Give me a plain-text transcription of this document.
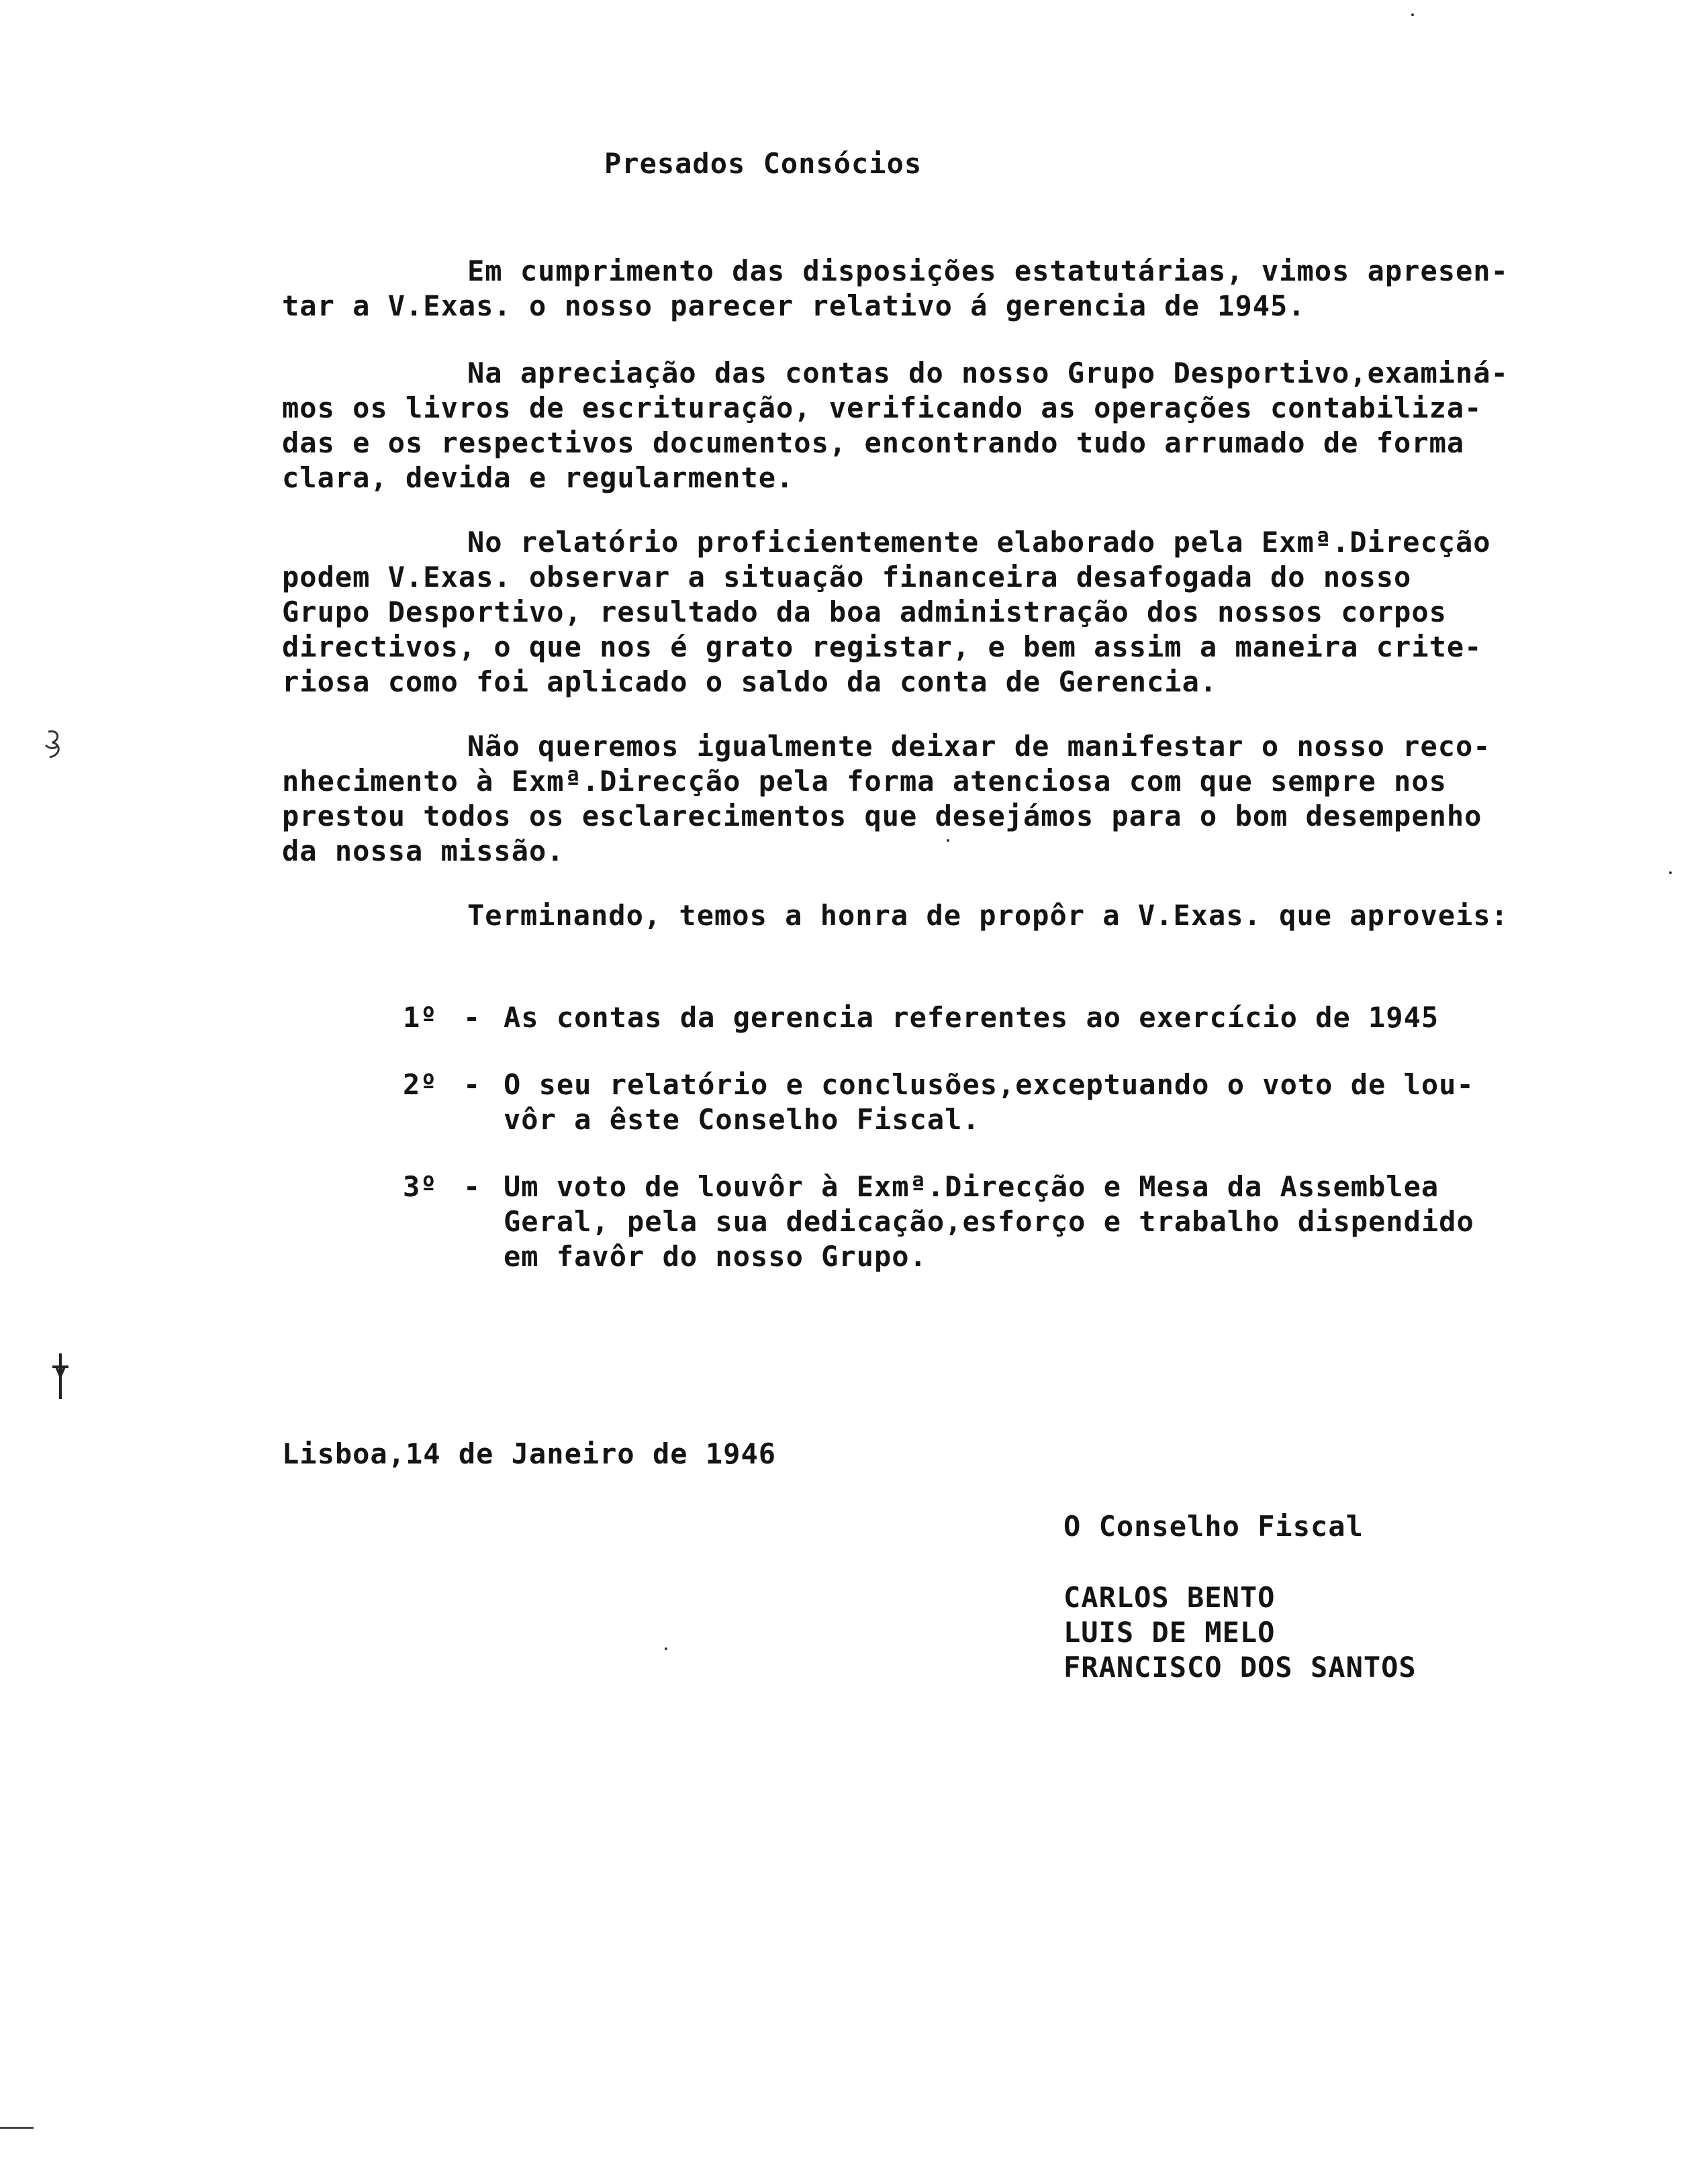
Presados Consócios
Em cumprimento das disposições estatutárias, vimos apresen-
tar a V.Exas. o nosso parecer relativo á gerencia de 1945.
Na apreciação das contas do nosso Grupo Desportivo,examiná-
mos os livros de escrituração, verificando as operações contabiliza-
das e os respectivos documentos, encontrando tudo arrumado de forma
clara, devida e regularmente.
No relatório proficientemente elaborado pela Exmª.Direcção
podem V.Exas. observar a situação financeira desafogada do nosso
Grupo Desportivo, resultado da boa administração dos nossos corpos
directivos, o que nos é grato registar, e bem assim a maneira crite-
riosa como foi aplicado o saldo da conta de Gerencia.
Não queremos igualmente deixar de manifestar o nosso reco-
nhecimento à Exmª.Direcção pela forma atenciosa com que sempre nos
prestou todos os esclarecimentos que desejámos para o bom desempenho
da nossa missão.
Terminando, temos a honra de propôr a V.Exas. que aproveis:
1º - As contas da gerencia referentes ao exercício de 1945
2º - O seu relatório e conclusões,exceptuando o voto de lou-
vôr a êste Conselho Fiscal.
3º - Um voto de louvôr à Exmª.Direcção e Mesa da Assemblea
Geral, pela sua dedicação,esforço e trabalho dispendido
em favôr do nosso Grupo.
Lisboa,14 de Janeiro de 1946
O Conselho Fiscal
CARLOS BENTO
LUIS DE MELO
FRANCISCO DOS SANTOS
